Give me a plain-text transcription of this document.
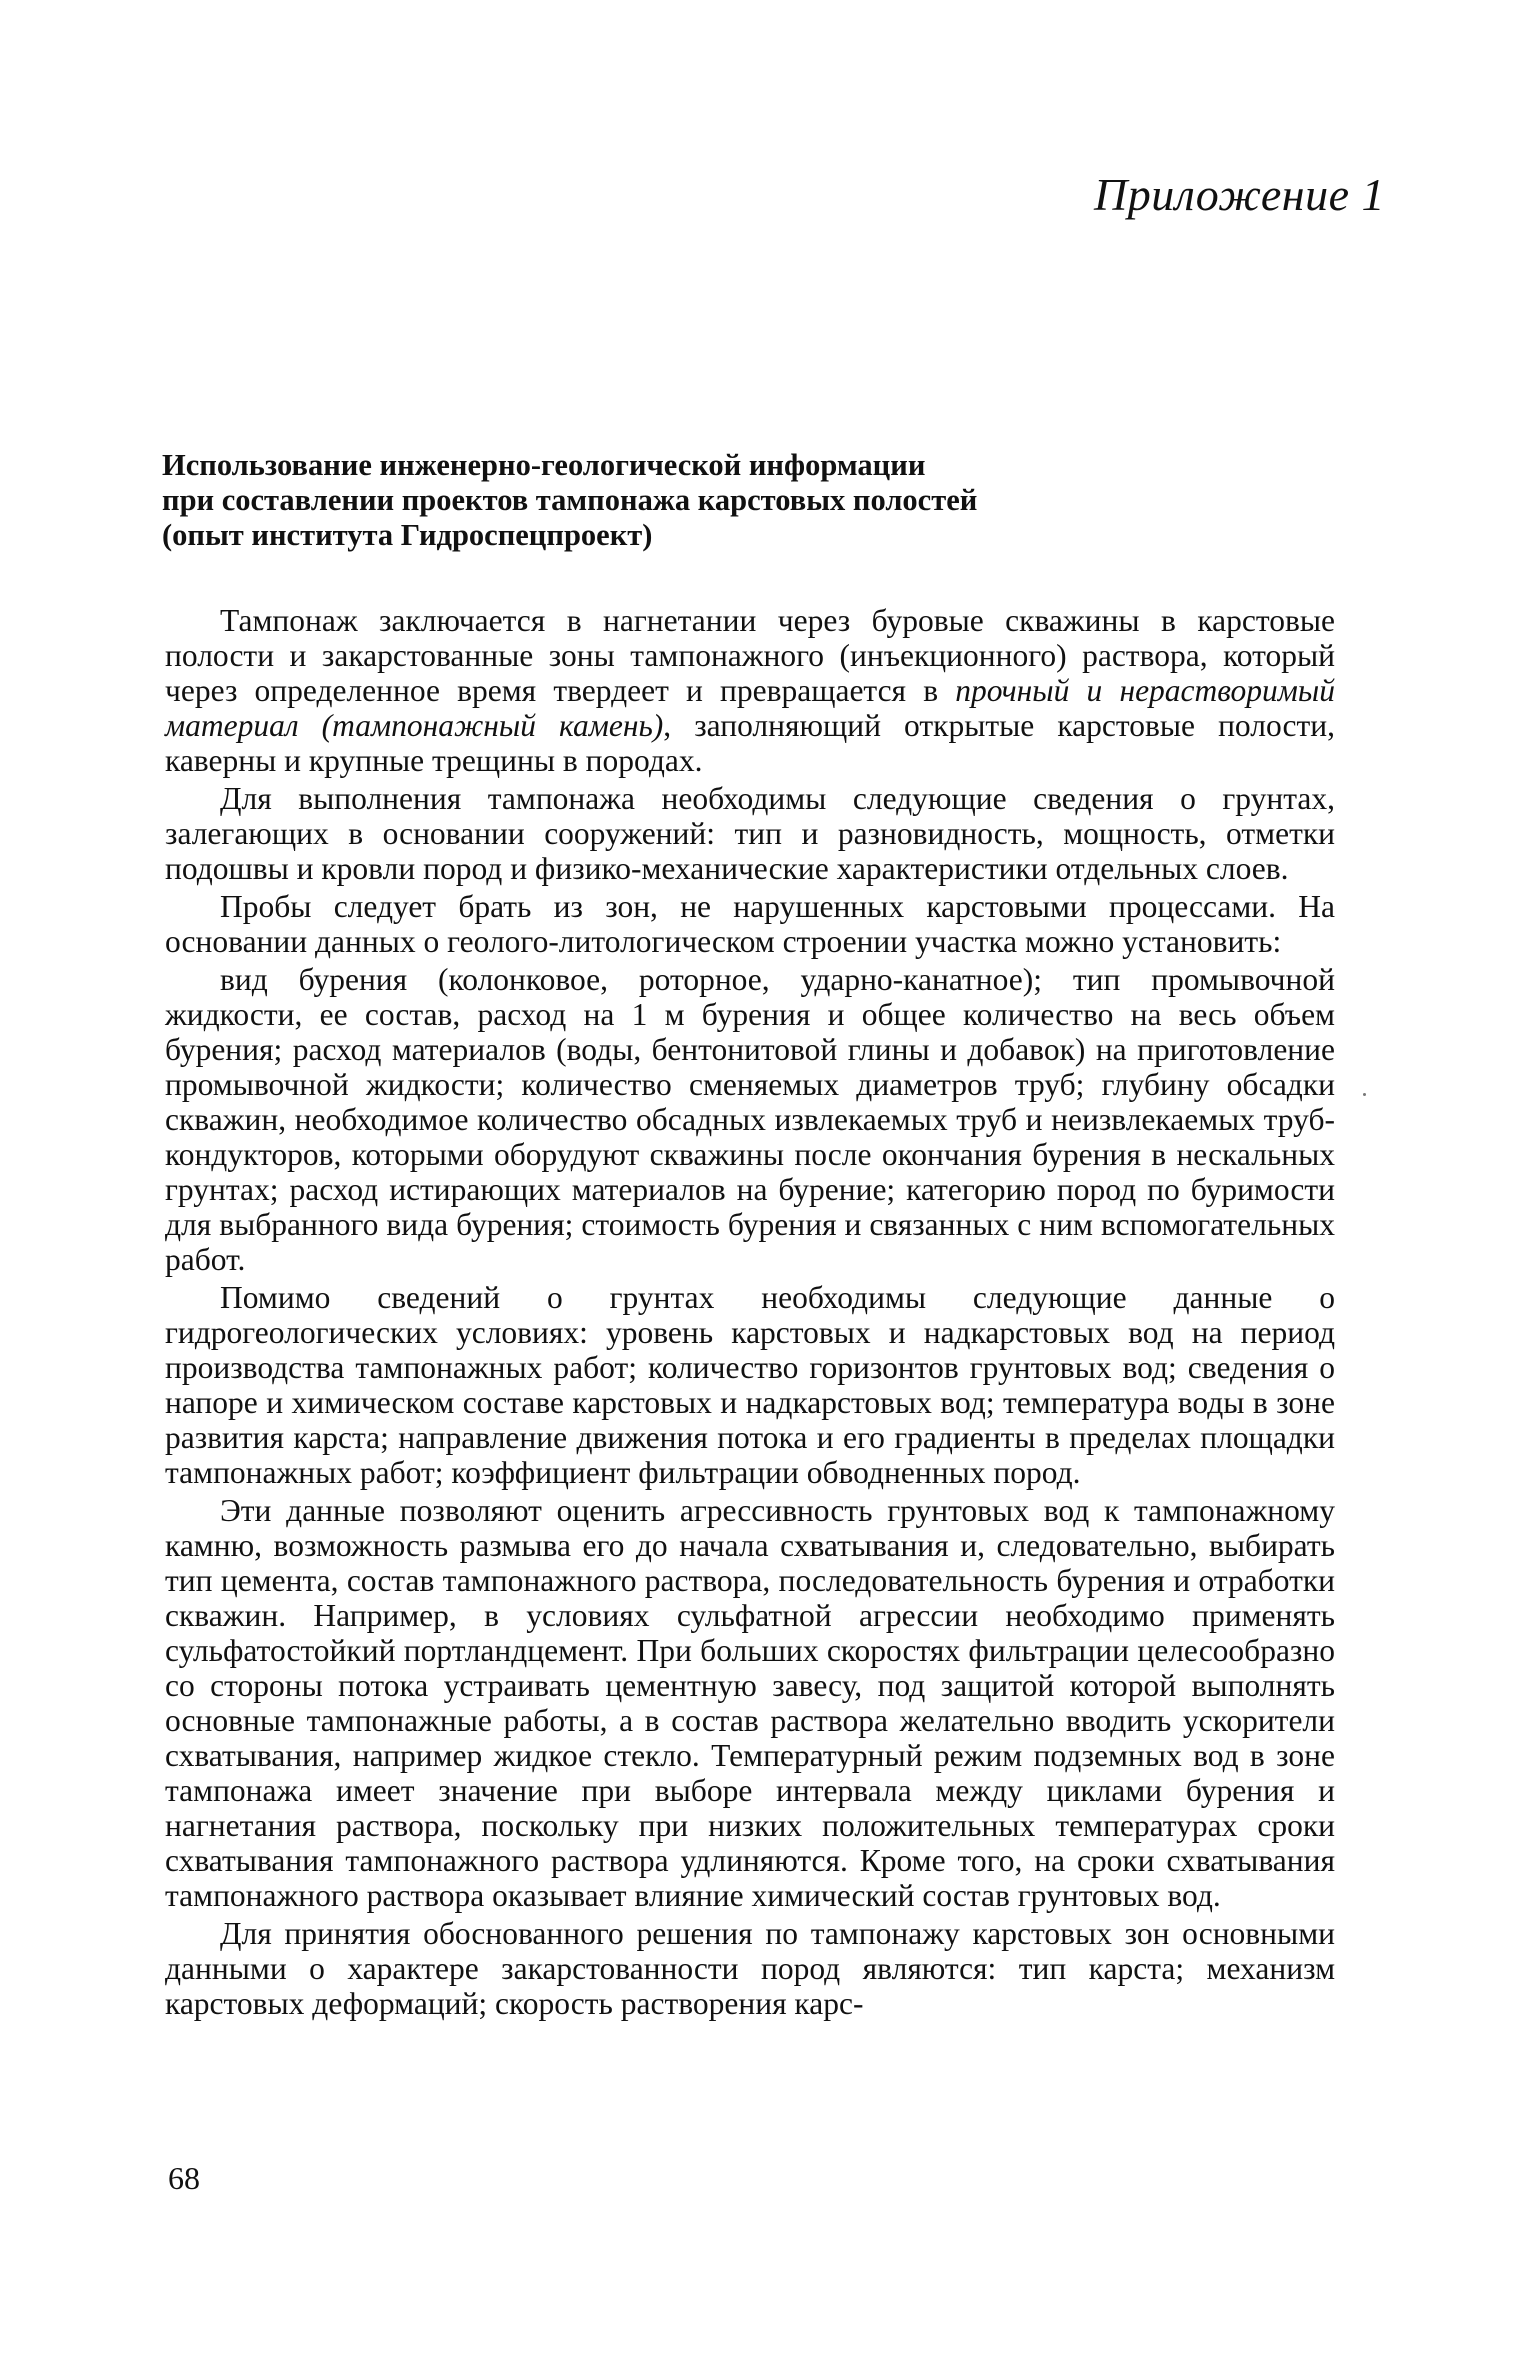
Приложение 1

Использование инженерно-геологической информации
при составлении проектов тампонажа карстовых полостей
(опыт института Гидроспецпроект)

Тампонаж заключается в нагнетании через буровые скважины в карстовые полости и закарстованные зоны тампонажного (инъекционного) раствора, который через определенное время твердеет и превращается в прочный и нерастворимый материал (тампонажный камень), заполняющий открытые карстовые полости, каверны и крупные трещины в породах.

Для выполнения тампонажа необходимы следующие сведения о грунтах, залегающих в основании сооружений: тип и разновидность, мощность, отметки подошвы и кровли пород и физико-механические характеристики отдельных слоев.

Пробы следует брать из зон, не нарушенных карстовыми процессами. На основании данных о геолого-литологическом строении участка можно установить:

вид бурения (колонковое, роторное, ударно-канатное); тип промывочной жидкости, ее состав, расход на 1 м бурения и общее количество на весь объем бурения; расход материалов (воды, бентонитовой глины и добавок) на приготовление промывочной жидкости; количество сменяемых диаметров труб; глубину обсадки скважин, необходимое количество обсадных извлекаемых труб и неизвлекаемых труб-кондукторов, которыми оборудуют скважины после окончания бурения в нескальных грунтах; расход истирающих материалов на бурение; категорию пород по буримости для выбранного вида бурения; стоимость бурения и связанных с ним вспомогательных работ.

Помимо сведений о грунтах необходимы следующие данные о гидрогеологических условиях: уровень карстовых и надкарстовых вод на период производства тампонажных работ; количество горизонтов грунтовых вод; сведения о напоре и химическом составе карстовых и надкарстовых вод; температура воды в зоне развития карста; направление движения потока и его градиенты в пределах площадки тампонажных работ; коэффициент фильтрации обводненных пород.

Эти данные позволяют оценить агрессивность грунтовых вод к тампонажному камню, возможность размыва его до начала схватывания и, следовательно, выбирать тип цемента, состав тампонажного раствора, последовательность бурения и отработки скважин. Например, в условиях сульфатной агрессии необходимо применять сульфатостойкий портландцемент. При больших скоростях фильтрации целесообразно со стороны потока устраивать цементную завесу, под защитой которой выполнять основные тампонажные работы, а в состав раствора желательно вводить ускорители схватывания, например жидкое стекло. Температурный режим подземных вод в зоне тампонажа имеет значение при выборе интервала между циклами бурения и нагнетания раствора, поскольку при низких положительных температурах сроки схватывания тампонажного раствора удлиняются. Кроме того, на сроки схватывания тампонажного раствора оказывает влияние химический состав грунтовых вод.

Для принятия обоснованного решения по тампонажу карстовых зон основными данными о характере закарстованности пород являются: тип карста; механизм карстовых деформаций; скорость растворения карс-

68
